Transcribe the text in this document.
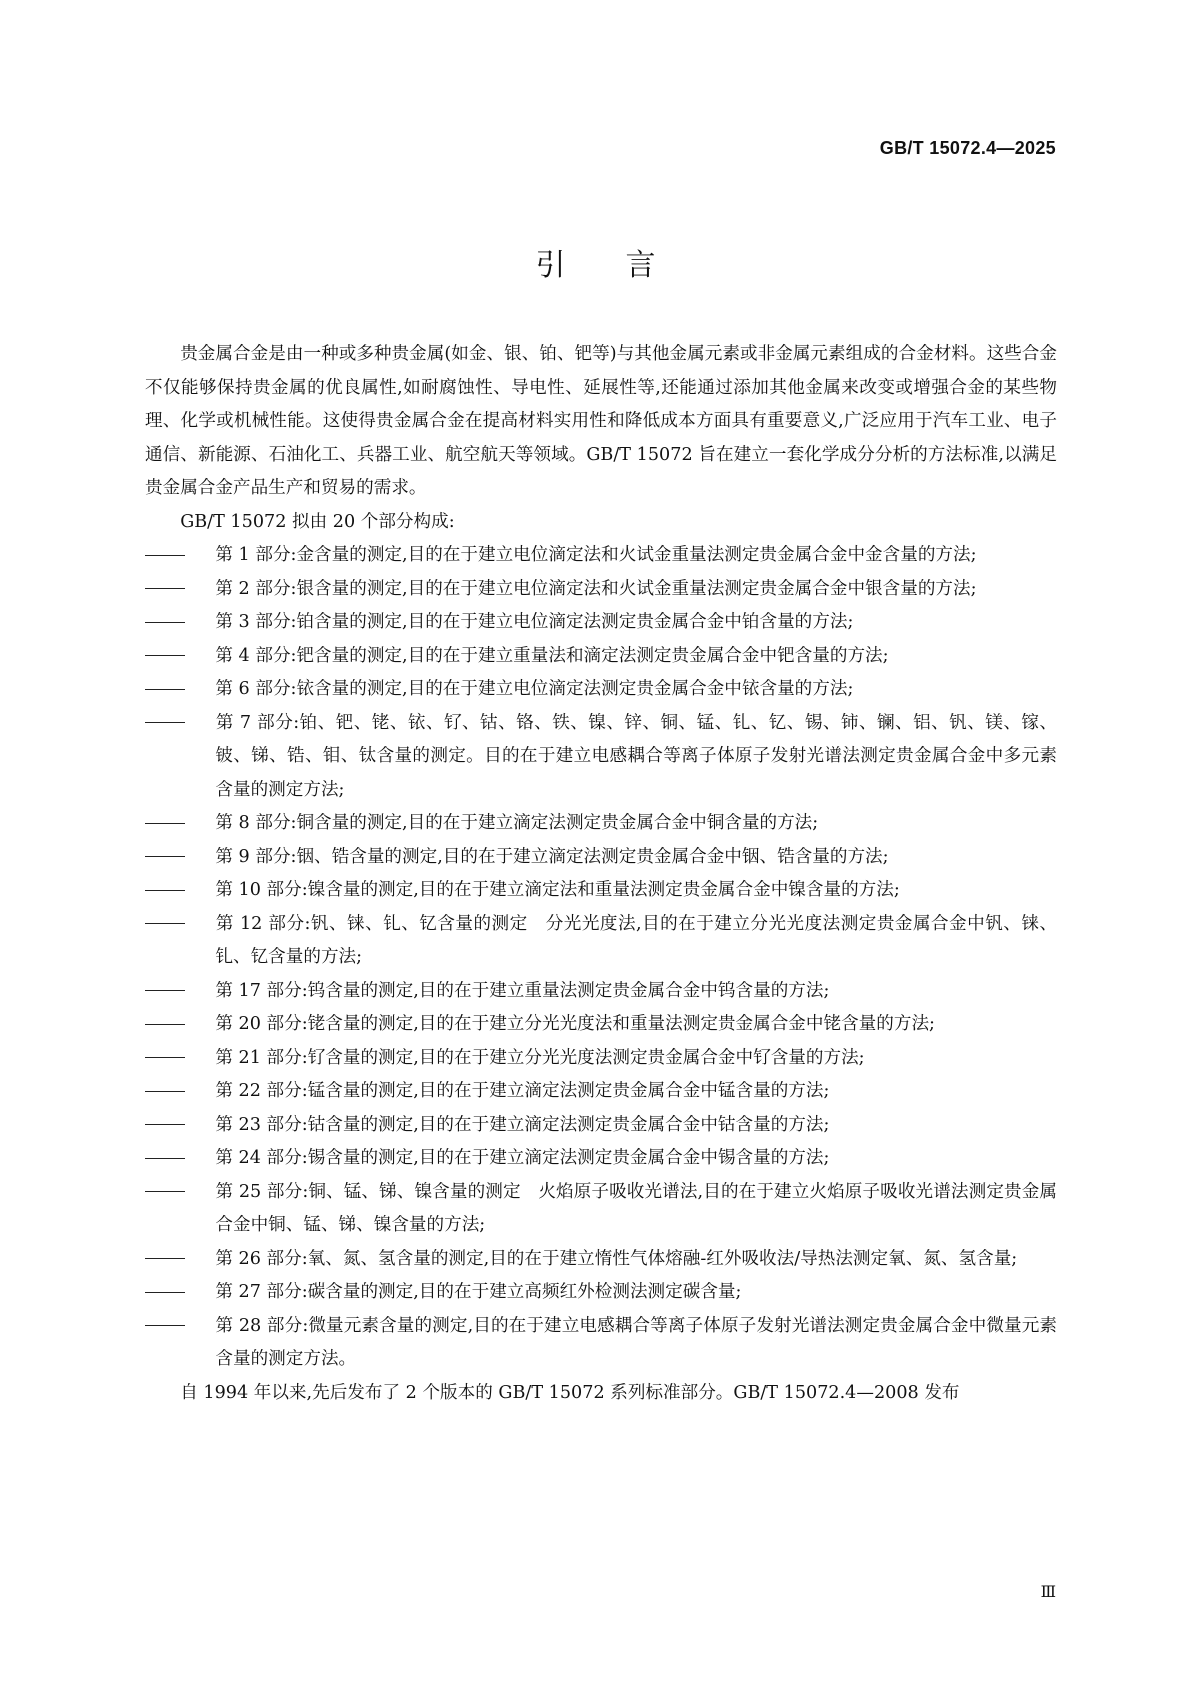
GB/T 15072.4—2025
引言

贵金属合金是由一种或多种贵金属(如金、银、铂、钯等)与其他金属元素或非金属元素组成的合金材料。这些合金不仅能够保持贵金属的优良属性,如耐腐蚀性、导电性、延展性等,还能通过添加其他金属来改变或增强合金的某些物理、化学或机械性能。这使得贵金属合金在提高材料实用性和降低成本方面具有重要意义,广泛应用于汽车工业、电子通信、新能源、石油化工、兵器工业、航空航天等领域。GB/T 15072 旨在建立一套化学成分分析的方法标准,以满足贵金属合金产品生产和贸易的需求。

GB/T 15072 拟由 20 个部分构成:

第 1 部分:金含量的测定,目的在于建立电位滴定法和火试金重量法测定贵金属合金中金含量的方法;
第 2 部分:银含量的测定,目的在于建立电位滴定法和火试金重量法测定贵金属合金中银含量的方法;
第 3 部分:铂含量的测定,目的在于建立电位滴定法测定贵金属合金中铂含量的方法;
第 4 部分:钯含量的测定,目的在于建立重量法和滴定法测定贵金属合金中钯含量的方法;
第 6 部分:铱含量的测定,目的在于建立电位滴定法测定贵金属合金中铱含量的方法;
第 7 部分:铂、钯、铑、铱、钌、钴、铬、铁、镍、锌、铜、锰、钆、钇、锡、铈、镧、铝、钒、镁、镓、铍、锑、锆、钼、钛含量的测定。目的在于建立电感耦合等离子体原子发射光谱法测定贵金属合金中多元素含量的测定方法;
第 8 部分:铜含量的测定,目的在于建立滴定法测定贵金属合金中铜含量的方法;
第 9 部分:铟、锆含量的测定,目的在于建立滴定法测定贵金属合金中铟、锆含量的方法;
第 10 部分:镍含量的测定,目的在于建立滴定法和重量法测定贵金属合金中镍含量的方法;
第 12 部分:钒、铼、钆、钇含量的测定　分光光度法,目的在于建立分光光度法测定贵金属合金中钒、铼、钆、钇含量的方法;
第 17 部分:钨含量的测定,目的在于建立重量法测定贵金属合金中钨含量的方法;
第 20 部分:铑含量的测定,目的在于建立分光光度法和重量法测定贵金属合金中铑含量的方法;
第 21 部分:钌含量的测定,目的在于建立分光光度法测定贵金属合金中钌含量的方法;
第 22 部分:锰含量的测定,目的在于建立滴定法测定贵金属合金中锰含量的方法;
第 23 部分:钴含量的测定,目的在于建立滴定法测定贵金属合金中钴含量的方法;
第 24 部分:锡含量的测定,目的在于建立滴定法测定贵金属合金中锡含量的方法;
第 25 部分:铜、锰、锑、镍含量的测定　火焰原子吸收光谱法,目的在于建立火焰原子吸收光谱法测定贵金属合金中铜、锰、锑、镍含量的方法;
第 26 部分:氧、氮、氢含量的测定,目的在于建立惰性气体熔融-红外吸收法/导热法测定氧、氮、氢含量;
第 27 部分:碳含量的测定,目的在于建立高频红外检测法测定碳含量;
第 28 部分:微量元素含量的测定,目的在于建立电感耦合等离子体原子发射光谱法测定贵金属合金中微量元素含量的测定方法。

自 1994 年以来,先后发布了 2 个版本的 GB/T 15072 系列标准部分。GB/T 15072.4—2008 发布

Ⅲ
